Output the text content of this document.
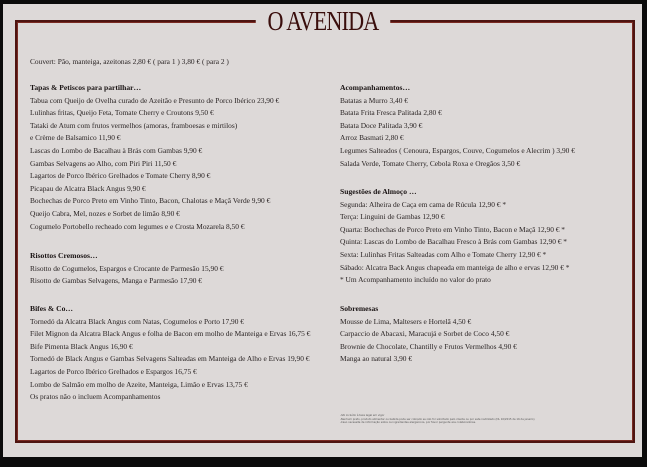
O AVENIDA
Couvert: Pão, manteiga, azeitonas 2,80 € ( para 1 ) 3,80 € ( para 2 )
Tapas & Petiscos para partilhar…
Tabua com Queijo de Ovelha curado de Azeitão e Presunto de Porco Ibérico 23,90 €
Lulinhas fritas, Queijo Feta, Tomate Cherry e Croutons 9,50 €
Tataki de Atum com frutos vermelhos (amoras, framboesas e mirtilos)
e Crème de Balsamico 11,90 €
Lascas do Lombo de Bacalhau à Brás com Gambas 9,90 €
Gambas Selvagens ao Alho, com Piri Piri 11,50 €
Lagartos de Porco Ibérico Grelhados e Tomate Cherry 8,90 €
Picapau de Alcatra Black Angus 9,90 €
Bochechas de Porco Preto em Vinho Tinto, Bacon, Chalotas e Maçã Verde 9,90 €
Queijo Cabra, Mel, nozes e Sorbet de limão 8,90 €
Cogumelo Portobello recheado com legumes e e Crosta Mozarela 8,50 €
Risottos Cremosos…
Risotto de Cogumelos, Espargos e Crocante de Parmesão 15,90 €
Risotto de Gambas Selvagens, Manga e Parmesão 17,90 €
Bifes & Co…
Tornedó da Alcatra Black Angus com Natas, Cogumelos e Porto 17,90 €
Filet Mignon da Alcatra Black Angus e folha de Bacon em molho de Manteiga e Ervas 16,75 €
Bife Pimenta Black Angus 16,90 €
Tornedó de Black Angus e Gambas Selvagens Salteadas em Manteiga de Alho e Ervas 19,90 €
Lagartos de Porco Ibérico Grelhados e Espargos 16,75 €
Lombo de Salmão em molho de Azeite, Manteiga, Limão e Ervas 13,75 €
Os pratos não o incluem Acompanhamentos
Acompanhamentos…
Batatas a Murro 3,40 €
Batata Frita Fresca Palitada 2,80 €
Batata Doce Palitada 3,90 €
Arroz Basmati 2,80 €
Legumes Salteados ( Cenoura, Espargos, Couve, Cogumelos e Alecrim ) 3,90 €
Salada Verde, Tomate Cherry, Cebola Roxa e Oregãos 3,50 €
Sugestões de Almoço …
Segunda: Alheira de Caça em cama de Rúcula 12,90 € *
Terça: Linguini de Gambas 12,90 €
Quarta: Bochechas de Porco Preto em Vinho Tinto, Bacon e Maçã 12,90 € *
Quinta: Lascas do Lombo de Bacalhau Fresco à Brás com Gambas 12,90 € *
Sexta: Lulinhas Fritas Salteadas com Alho e Tomate Cherry 12,90 € *
Sábado: Alcatra Back Angus chapeada em manteiga de alho e ervas 12,90 € *
* Um Acompanhamento incluído no valor do prato
Sobremesas
Mousse de Lima, Maltesers e Hortelã 4,50 €
Carpaccio de Abacaxi, Maracujá e Sorbet de Coco 4,50 €
Brownie de Chocolate, Chantilly e Frutos Vermelhos 4,90 €
Manga ao natural 3,90 €
-IVA incluído à taxa legal em vigor
-Nenhum prato, produto alimentar ou bebida pode ser cobrado se não for solicitado pelo cliente ou por este inutilizado (DL 10/2015 de 16 de janeiro)
-Caso necessite de informação sobre os ingredientes alergénicos, por favor pergunte aos colaboradores.
